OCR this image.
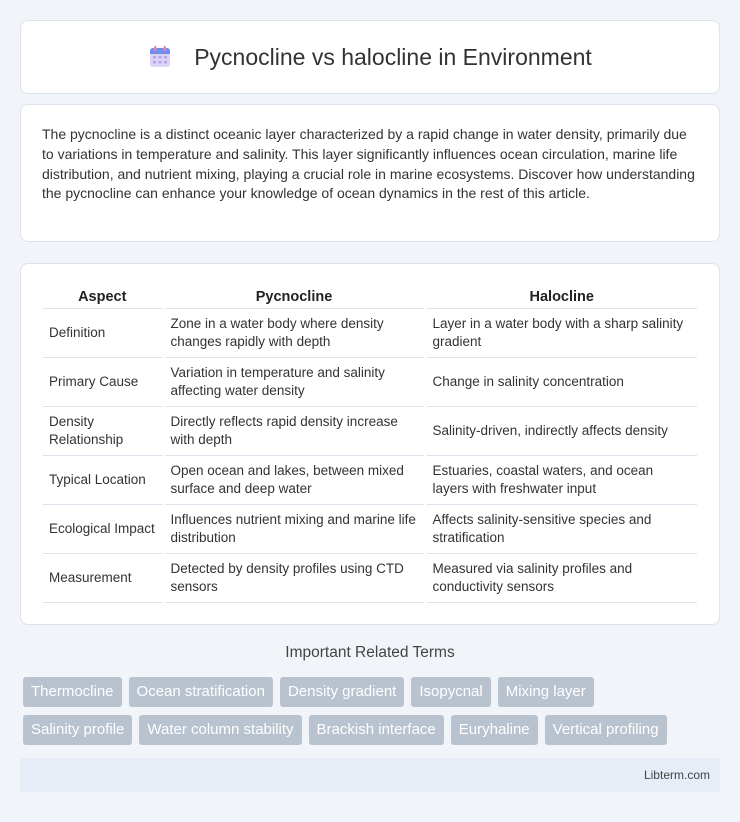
Pycnocline vs halocline in Environment

The pycnocline is a distinct oceanic layer characterized by a rapid change in water density, primarily due to variations in temperature and salinity. This layer significantly influences ocean circulation, marine life distribution, and nutrient mixing, playing a crucial role in marine ecosystems. Discover how understanding the pycnocline can enhance your knowledge of ocean dynamics in the rest of this article.

Aspect	Pycnocline	Halocline
Definition	Zone in a water body where density changes rapidly with depth	Layer in a water body with a sharp salinity gradient
Primary Cause	Variation in temperature and salinity affecting water density	Change in salinity concentration
Density Relationship	Directly reflects rapid density increase with depth	Salinity-driven, indirectly affects density
Typical Location	Open ocean and lakes, between mixed surface and deep water	Estuaries, coastal waters, and ocean layers with freshwater input
Ecological Impact	Influences nutrient mixing and marine life distribution	Affects salinity-sensitive species and stratification
Measurement	Detected by density profiles using CTD sensors	Measured via salinity profiles and conductivity sensors
Important Related Terms
Thermocline	Ocean stratification	Density gradient	Isopycnal	Mixing layer
Salinity profile	Water column stability	Brackish interface	Euryhaline	Vertical profiling
Libterm.com
